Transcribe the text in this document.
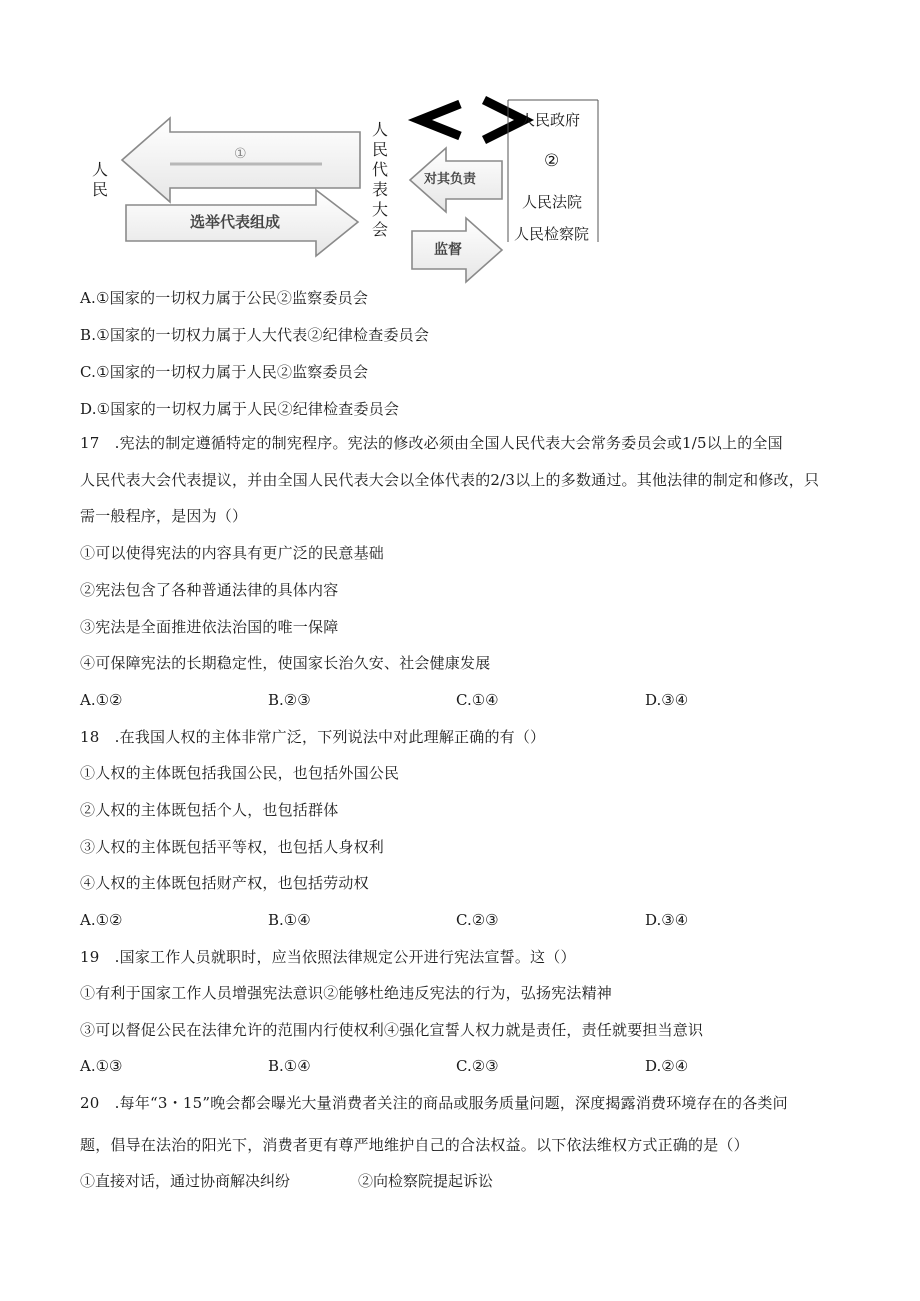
人民
人民代表大会
①
选举代表组成
对其负责
监督
人民政府
②
人民法院
人民检察院
A.①国家的一切权力属于公民②监察委员会
B.①国家的一切权力属于人大代表②纪律检查委员会
C.①国家的一切权力属于人民②监察委员会
D.①国家的一切权力属于人民②纪律检查委员会
17　.宪法的制定遵循特定的制宪程序。宪法的修改必须由全国人民代表大会常务委员会或1/5以上的全国
人民代表大会代表提议，并由全国人民代表大会以全体代表的2/3以上的多数通过。其他法律的制定和修改，只
需一般程序，是因为（）
①可以使得宪法的内容具有更广泛的民意基础
②宪法包含了各种普通法律的具体内容
③宪法是全面推进依法治国的唯一保障
④可保障宪法的长期稳定性，使国家长治久安、社会健康发展
A.①②	B.②③	C.①④	D.③④
18　.在我国人权的主体非常广泛，下列说法中对此理解正确的有（）
①人权的主体既包括我国公民，也包括外国公民
②人权的主体既包括个人，也包括群体
③人权的主体既包括平等权，也包括人身权利
④人权的主体既包括财产权，也包括劳动权
A.①②	B.①④	C.②③	D.③④
19　.国家工作人员就职时，应当依照法律规定公开进行宪法宣誓。这（）
①有利于国家工作人员增强宪法意识②能够杜绝违反宪法的行为，弘扬宪法精神
③可以督促公民在法律允许的范围内行使权利④强化宣誓人权力就是责任，责任就要担当意识
A.①③	B.①④	C.②③	D.②④
20　.每年“3・15”晚会都会曝光大量消费者关注的商品或服务质量问题，深度揭露消费环境存在的各类问
题，倡导在法治的阳光下，消费者更有尊严地维护自己的合法权益。以下依法维权方式正确的是（）
①直接对话，通过协商解决纠纷	②向检察院提起诉讼
